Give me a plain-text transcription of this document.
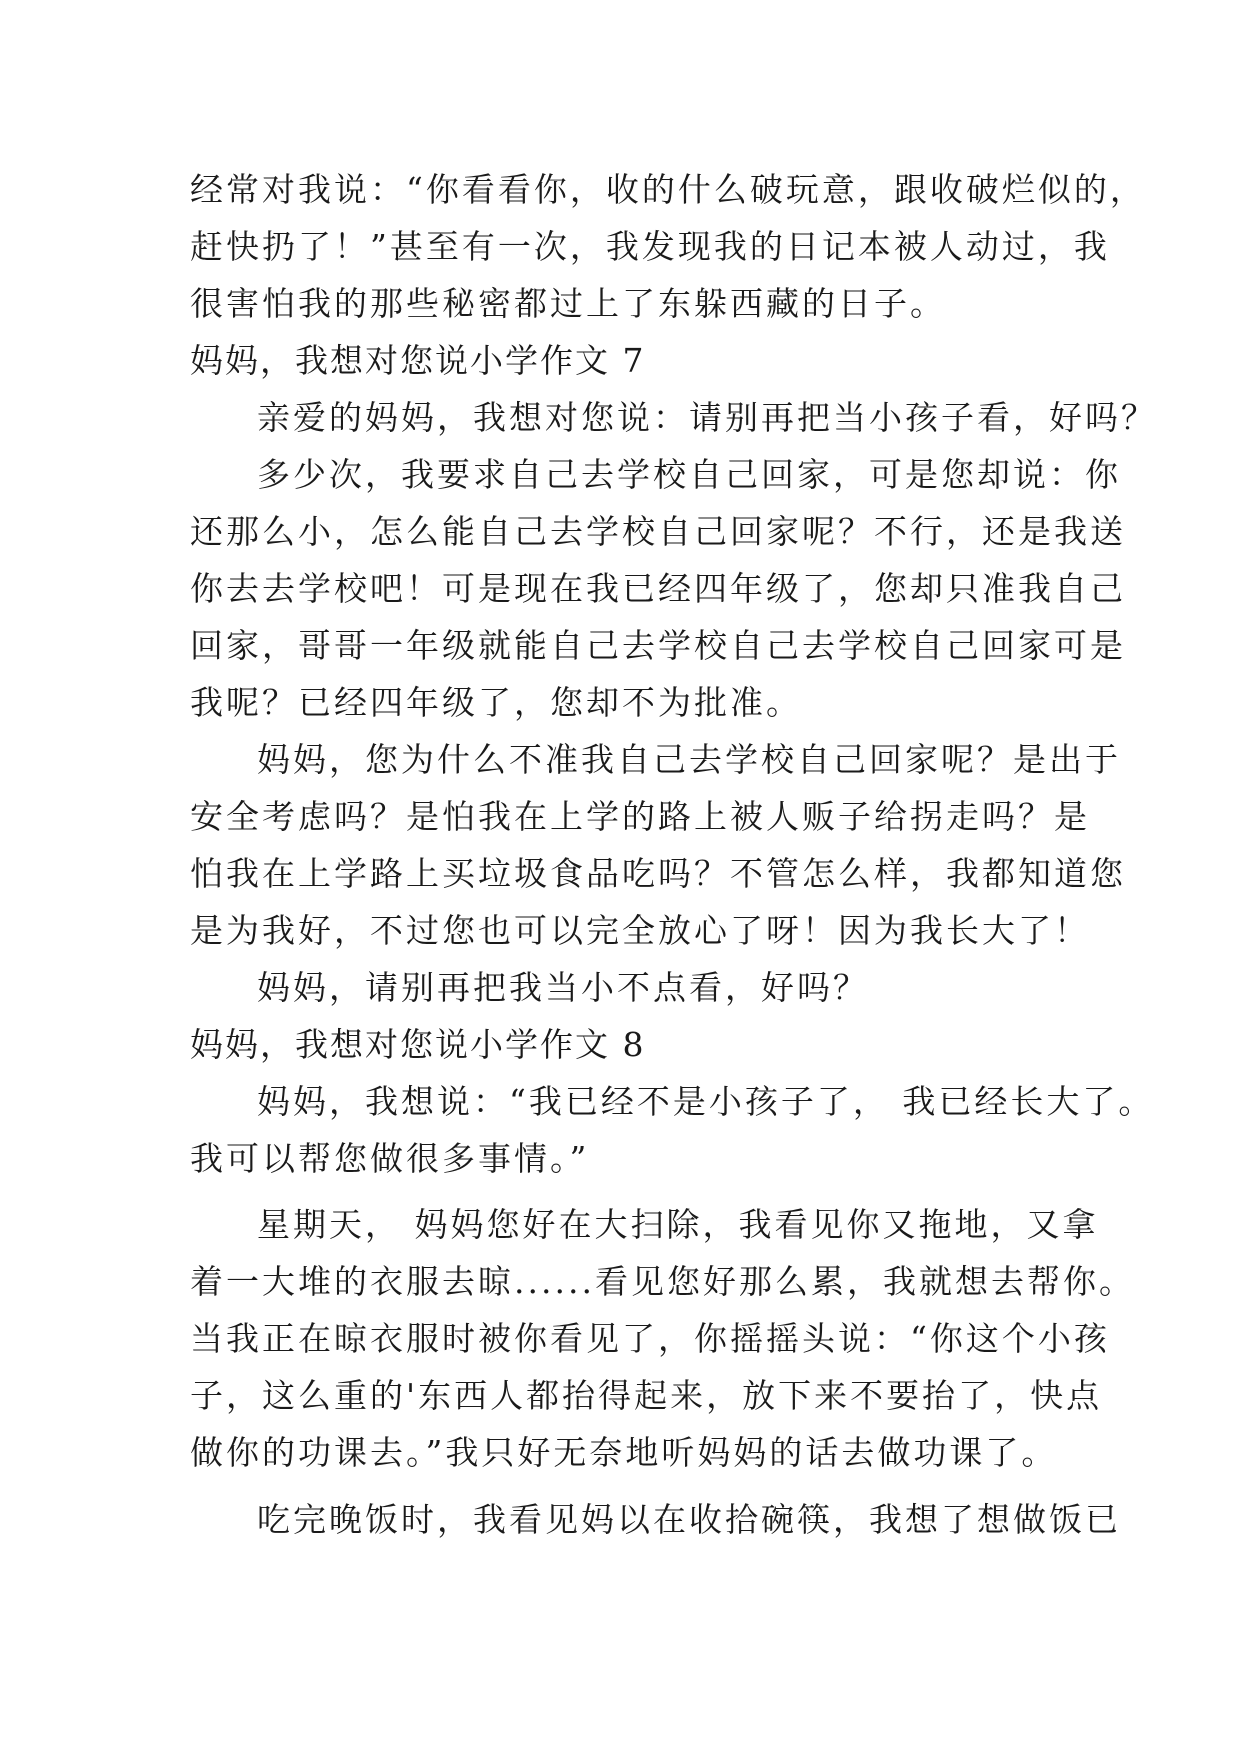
经常对我说：“你看看你，收的什么破玩意，跟收破烂似的，
赶快扔了！”甚至有一次，我发现我的日记本被人动过，我
很害怕我的那些秘密都过上了东躲西藏的日子。
妈妈，我想对您说小学作文 7
亲爱的妈妈，我想对您说：请别再把当小孩子看，好吗？
多少次，我要求自己去学校自己回家，可是您却说：你
还那么小，怎么能自己去学校自己回家呢？不行，还是我送
你去去学校吧！可是现在我已经四年级了，您却只准我自己
回家，哥哥一年级就能自己去学校自己去学校自己回家可是
我呢？已经四年级了，您却不为批准。
妈妈，您为什么不准我自己去学校自己回家呢？是出于
安全考虑吗？是怕我在上学的路上被人贩子给拐走吗？是
怕我在上学路上买垃圾食品吃吗？不管怎么样，我都知道您
是为我好，不过您也可以完全放心了呀！因为我长大了！
妈妈，请别再把我当小不点看，好吗？
妈妈，我想对您说小学作文 8
妈妈，我想说：“我已经不是小孩子了， 我已经长大了。
我可以帮您做很多事情。”
星期天， 妈妈您好在大扫除，我看见你又拖地，又拿
着一大堆的衣服去晾......看见您好那么累，我就想去帮你。
当我正在晾衣服时被你看见了，你摇摇头说：“你这个小孩
子，这么重的'东西人都抬得起来，放下来不要抬了，快点
做你的功课去。”我只好无奈地听妈妈的话去做功课了。
吃完晚饭时，我看见妈以在收拾碗筷，我想了想做饭已
